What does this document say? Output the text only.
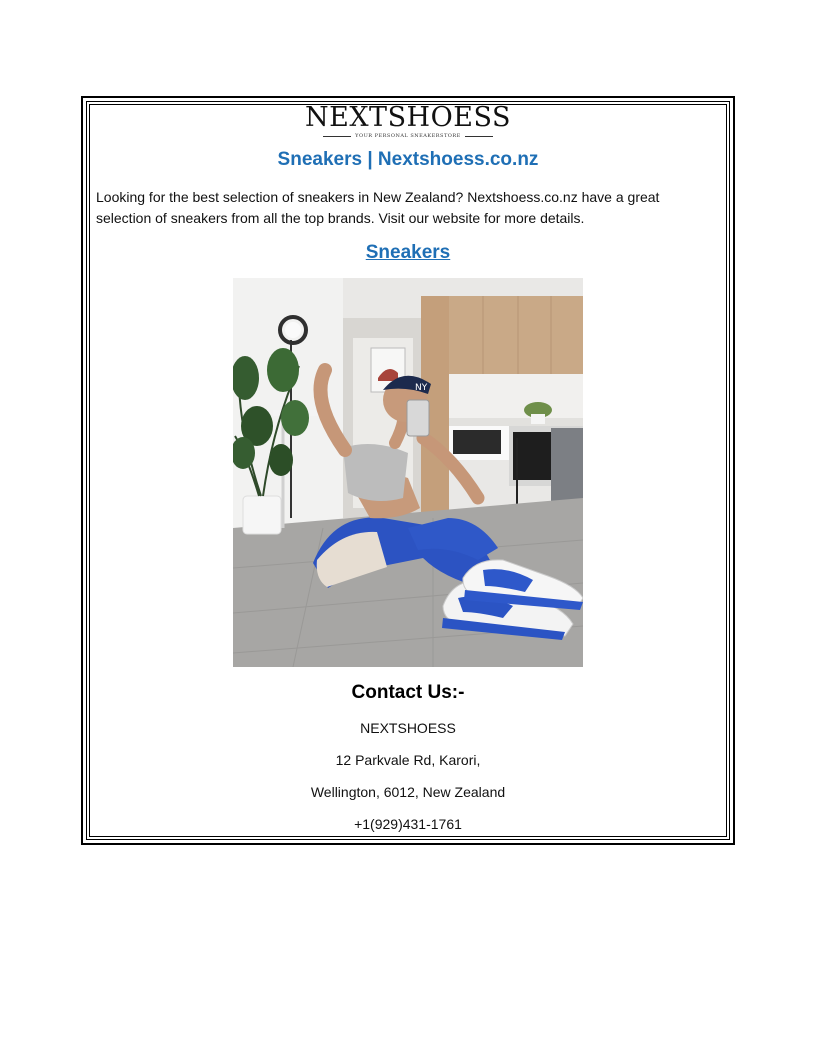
NEXTSHOESS
YOUR PERSONAL SNEAKERSTORE
Sneakers | Nextshoess.co.nz
Looking for the best selection of sneakers in New Zealand? Nextshoess.co.nz have a great selection of sneakers from all the top brands. Visit our website for more details.
Sneakers
NY
Contact Us:-
NEXTSHOESS
12 Parkvale Rd, Karori,
Wellington, 6012, New Zealand
+1(929)431-1761
